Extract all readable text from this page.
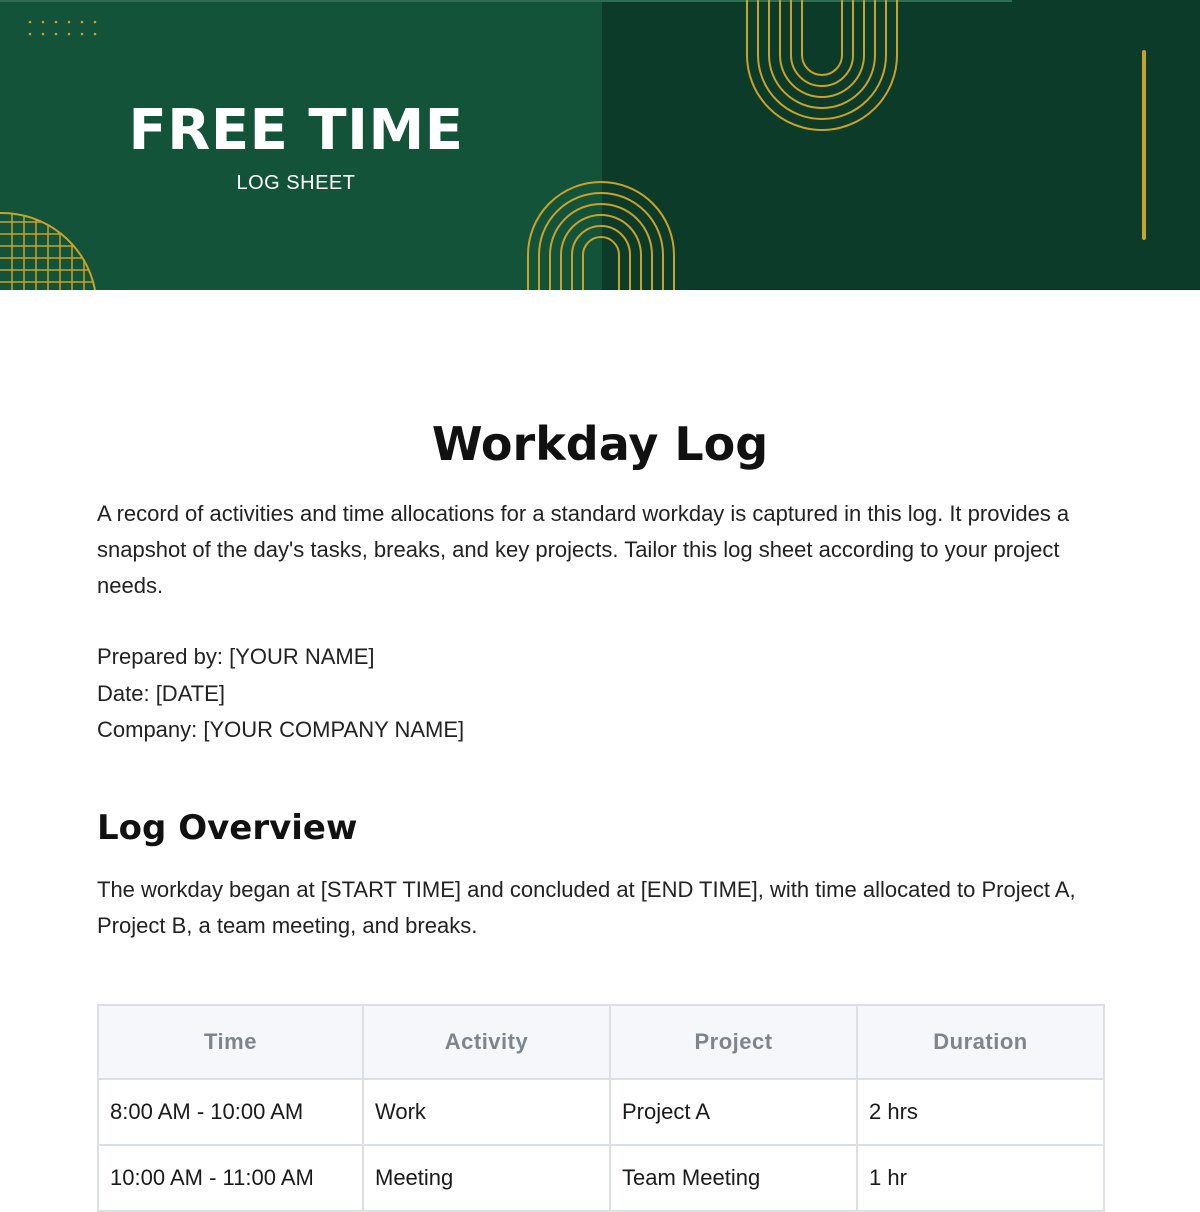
FREE TIME
LOG SHEET
Workday Log

A record of activities and time allocations for a standard workday is captured in this log. It provides a snapshot of the day's tasks, breaks, and key projects. Tailor this log sheet according to your project needs.

Prepared by: [YOUR NAME]
Date: [DATE]
Company: [YOUR COMPANY NAME]
Log Overview

The workday began at [START TIME] and concluded at [END TIME], with time allocated to Project A, Project B, a team meeting, and breaks.

Time	Activity	Project	Duration
8:00 AM - 10:00 AM	Work	Project A	2 hrs
10:00 AM - 11:00 AM	Meeting	Team Meeting	1 hr
